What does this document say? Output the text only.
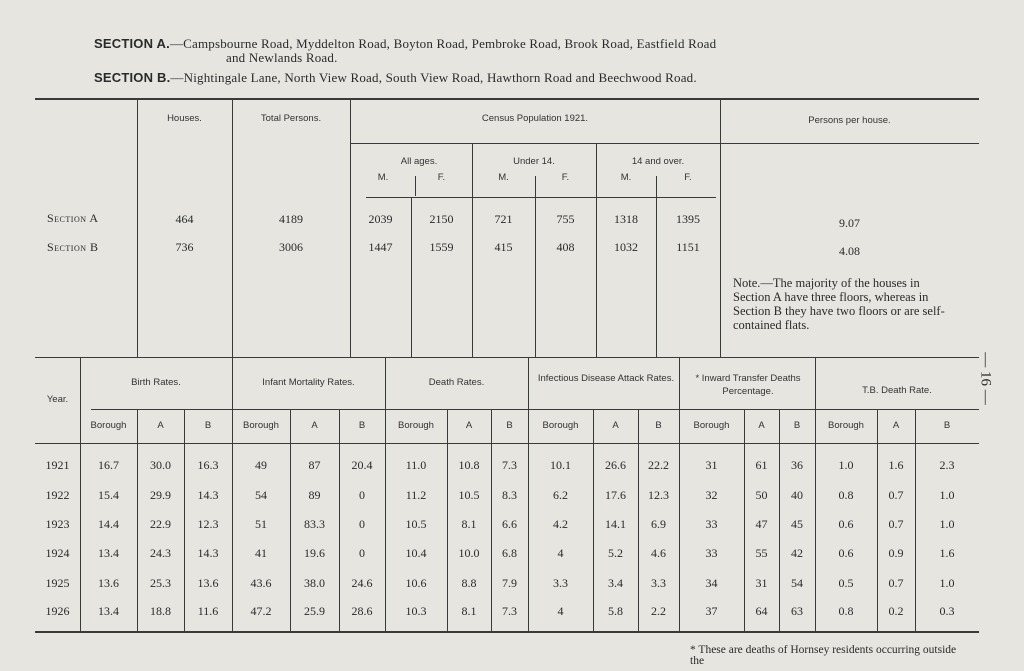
SECTION A.—Campsbourne Road, Myddelton Road, Boyton Road, Pembroke Road, Brook Road, Eastfield Road
and Newlands Road.
SECTION B.—Nightingale Lane, North View Road, South View Road, Hawthorn Road and Beechwood Road.
Houses.	Total Persons.	Census Population 1921.	Persons per house.
All ages.	Under 14.	14 and over.
M.	F.	M.	F.	M.	F.
Section A	464	4189	2039	2150	721	755	1318	1395	9.07
Section B	736	3006	1447	1559	415	408	1032	1151	4.08
Note.—The majority of the houses in Section A have three floors, whereas in Section B they have two floors or are self-contained flats.
Year.
Birth Rates.	Infant Mortality Rates.	Death Rates.	Infectious Disease Attack Rates.	* Inward Transfer Deaths Percentage.	T.B. Death Rate.
Borough	A	B	Borough	A	B	Borough	A	B	Borough	A	B	Borough	A	B	Borough	A	B
1921	16.7	30.0	16.3	49	87	20.4	11.0	10.8	7.3	10.1	26.6	22.2	31	61	36	1.0	1.6	2.3
1922	15.4	29.9	14.3	54	89	0	11.2	10.5	8.3	6.2	17.6	12.3	32	50	40	0.8	0.7	1.0
1923	14.4	22.9	12.3	51	83.3	0	10.5	8.1	6.6	4.2	14.1	6.9	33	47	45	0.6	0.7	1.0
1924	13.4	24.3	14.3	41	19.6	0	10.4	10.0	6.8	4	5.2	4.6	33	55	42	0.6	0.9	1.6
1925	13.6	25.3	13.6	43.6	38.0	24.6	10.6	8.8	7.9	3.3	3.4	3.3	34	31	54	0.5	0.7	1.0
1926	13.4	18.8	11.6	47.2	25.9	28.6	10.3	8.1	7.3	4	5.8	2.2	37	64	63	0.8	0.2	0.3
— 16 —
* These are deaths of Hornsey residents occurring outside the
